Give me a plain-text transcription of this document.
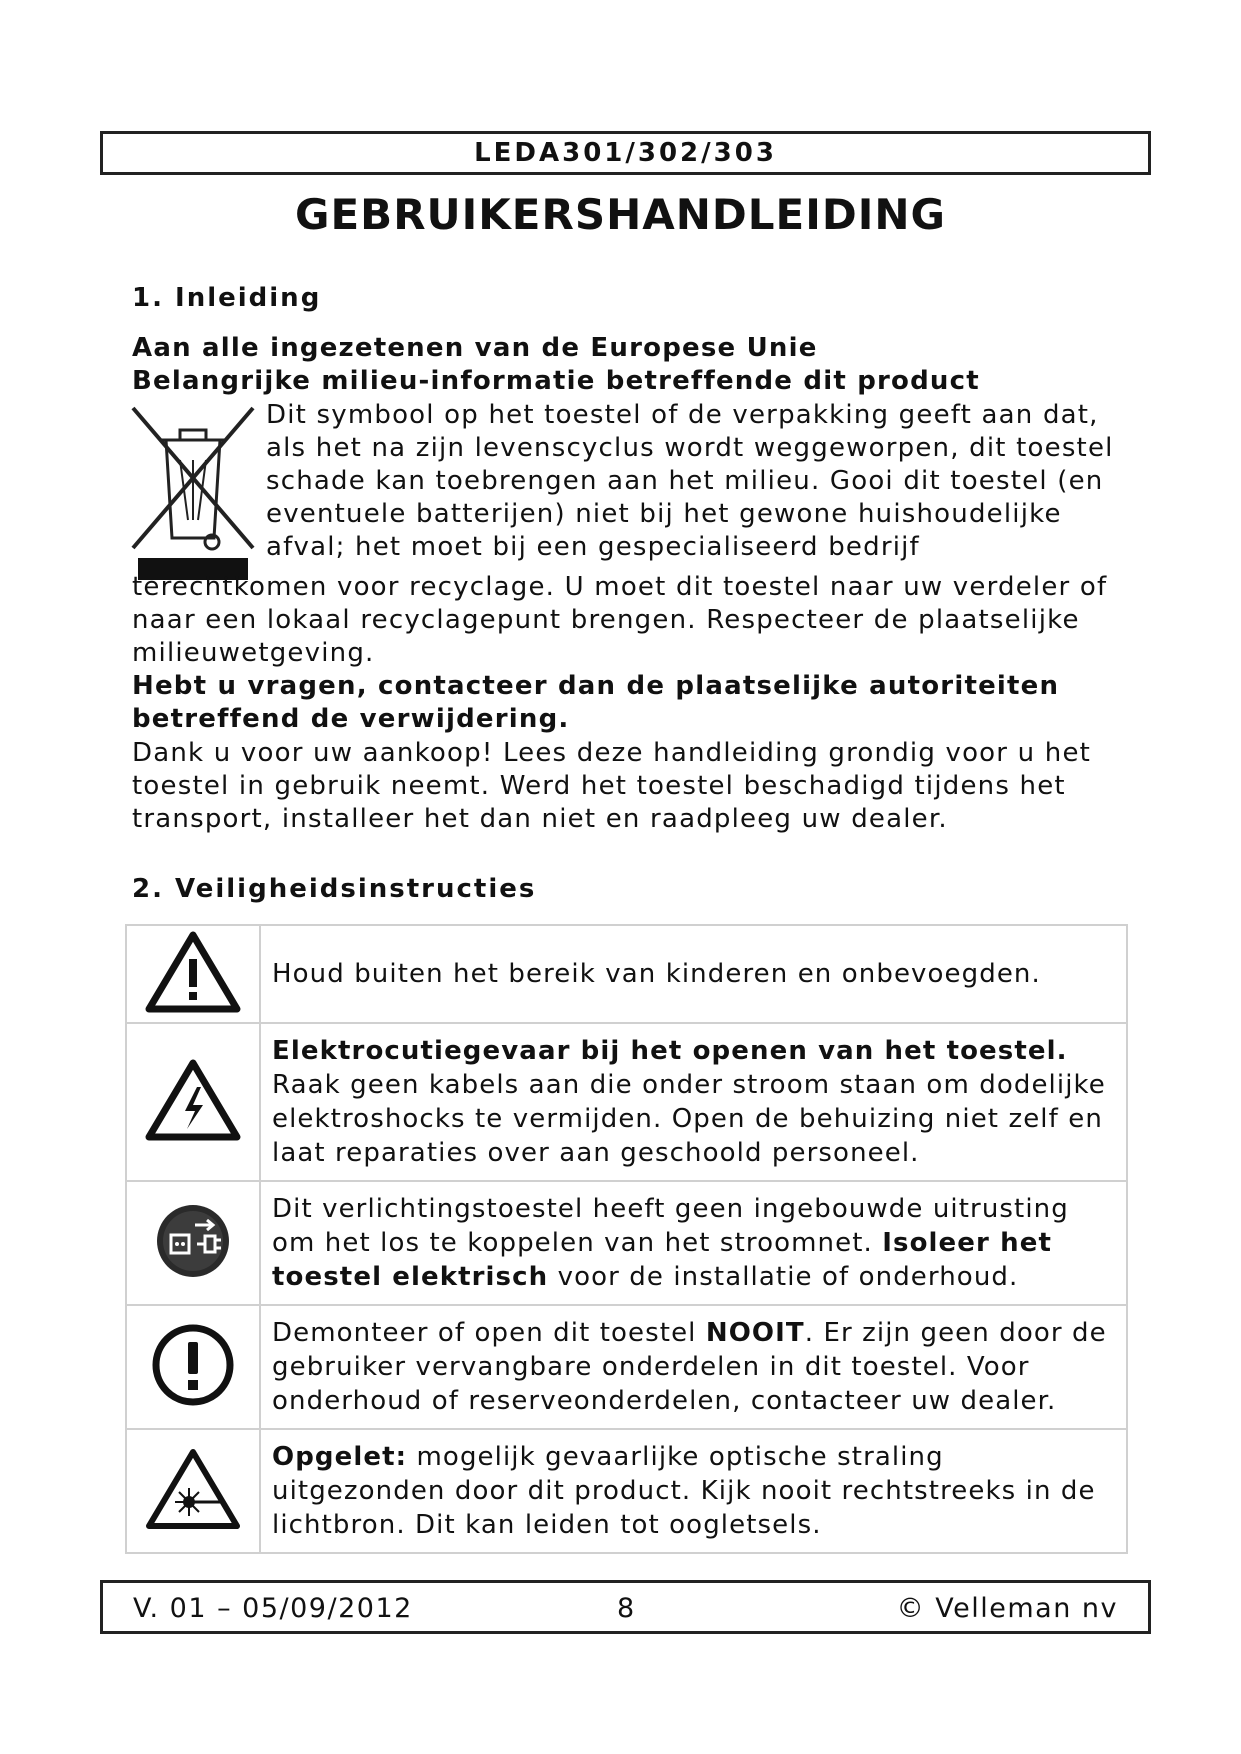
LEDA301/302/303
GEBRUIKERSHANDLEIDING
1. Inleiding
Aan alle ingezetenen van de Europese Unie
Belangrijke milieu-informatie betreffende dit product
Dit symbool op het toestel of de verpakking geeft aan dat,
als het na zijn levenscyclus wordt weggeworpen, dit toestel
schade kan toebrengen aan het milieu. Gooi dit toestel (en
eventuele batterijen) niet bij het gewone huishoudelijke
afval; het moet bij een gespecialiseerd bedrijf
terechtkomen voor recyclage. U moet dit toestel naar uw verdeler of
naar een lokaal recyclagepunt brengen. Respecteer de plaatselijke
milieuwetgeving.
Hebt u vragen, contacteer dan de plaatselijke autoriteiten
betreffend de verwijdering.
Dank u voor uw aankoop! Lees deze handleiding grondig voor u het
toestel in gebruik neemt. Werd het toestel beschadigd tijdens het
transport, installeer het dan niet en raadpleeg uw dealer.
2. Veiligheidsinstructies
	Houd buiten het bereik van kinderen en onbevoegden.
	Elektrocutiegevaar bij het openen van het toestel. Raak geen kabels aan die onder stroom staan om dodelijke elektroshocks te vermijden. Open de behuizing niet zelf en laat reparaties over aan geschoold personeel.
	Dit verlichtingstoestel heeft geen ingebouwde uitrusting om het los te koppelen van het stroomnet. Isoleer het toestel elektrisch voor de installatie of onderhoud.
	Demonteer of open dit toestel NOOIT. Er zijn geen door de gebruiker vervangbare onderdelen in dit toestel. Voor onderhoud of reserveonderdelen, contacteer uw dealer.
	Opgelet: mogelijk gevaarlijke optische straling uitgezonden door dit product. Kijk nooit rechtstreeks in de lichtbron. Dit kan leiden tot oogletsels.
V. 01 – 05/09/2012	8	© Velleman nv
